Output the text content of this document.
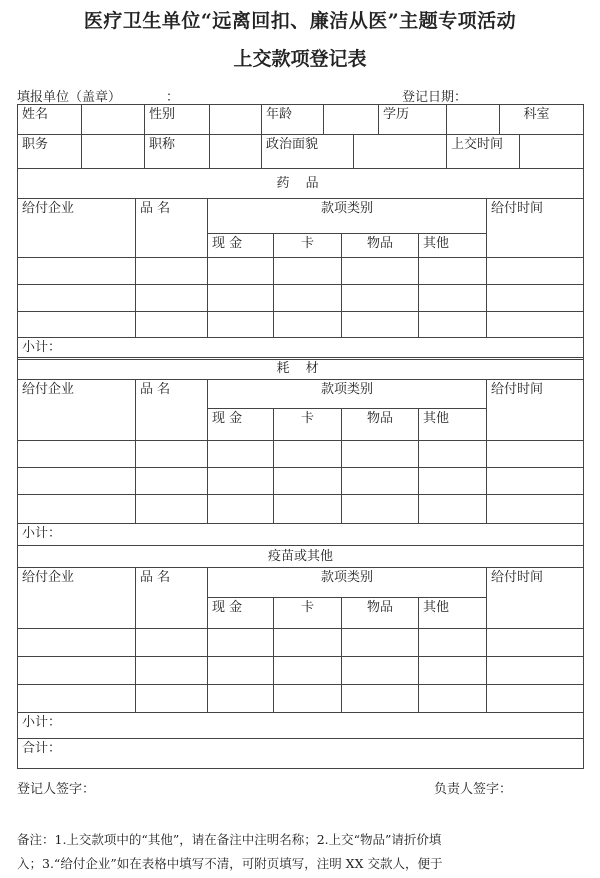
医疗卫生单位“远离回扣、廉洁从医”主题专项活动
上交款项登记表
填报单位（盖章）	：	登记日期：
姓名		性别		年龄			学历			科室
职务		职称		政治面貌				上交时间		
药 品						
给付企业	品 名	款项类别				给付时间
		现 金	卡	物品	其他	

小计：						
耗 材						
给付企业	品 名	款项类别				给付时间
		现 金	卡	物品	其他	

小计：						
疫苗或其他						
给付企业	品 名	款项类别				给付时间
		现 金	卡	物品	其他	

小计：						
合计：						
登记人签字：	负责人签字：
备注：1.上交款项中的“其他”，请在备注中注明名称；2.上交“物品”请折价填
入；3.“给付企业”如在表格中填写不清，可附页填写，注明 XX 交款人，便于
